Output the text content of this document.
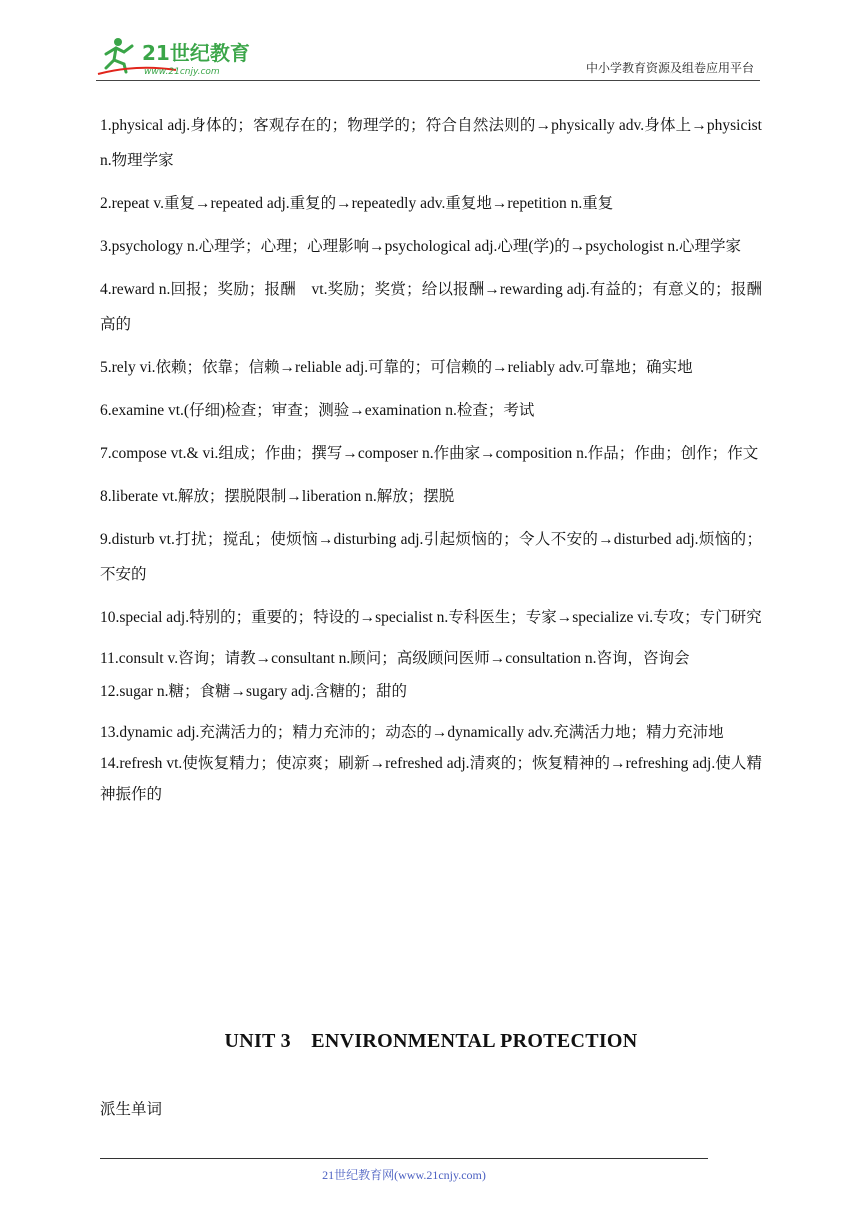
21世纪教育
www.21cnjy.com	中小学教育资源及组卷应用平台

1.physical adj.身体的；客观存在的；物理学的；符合自然法则的→physically adv.身体上→physicist n.物理学家

2.repeat v.重复→repeated adj.重复的→repeatedly adv.重复地→repetition n.重复

3.psychology n.心理学；心理；心理影响→psychological adj.心理(学)的→psychologist n.心理学家

4.reward n.回报；奖励；报酬　vt.奖励；奖赏；给以报酬→rewarding adj.有益的；有意义的；报酬高的

5.rely vi.依赖；依靠；信赖→reliable adj.可靠的；可信赖的→reliably adv.可靠地；确实地

6.examine vt.(仔细)检查；审查；测验→examination n.检查；考试

7.compose vt.& vi.组成；作曲；撰写→composer n.作曲家→composition n.作品；作曲；创作；作文

8.liberate vt.解放；摆脱限制→liberation n.解放；摆脱

9.disturb vt.打扰；搅乱；使烦恼→disturbing adj.引起烦恼的；令人不安的→disturbed adj.烦恼的；不安的

10.special adj.特别的；重要的；特设的→specialist n.专科医生；专家→specialize vi.专攻；专门研究

11.consult v.咨询；请教→consultant n.顾问；高级顾问医师→consultation n.咨询，咨询会

12.sugar n.糖；食糖→sugary adj.含糖的；甜的

13.dynamic adj.充满活力的；精力充沛的；动态的→dynamically adv.充满活力地；精力充沛地

14.refresh vt.使恢复精力；使凉爽；刷新→refreshed adj.清爽的；恢复精神的→refreshing adj.使人精神振作的

UNIT 3　ENVIRONMENTAL PROTECTION
派生单词
21世纪教育网(www.21cnjy.com)
